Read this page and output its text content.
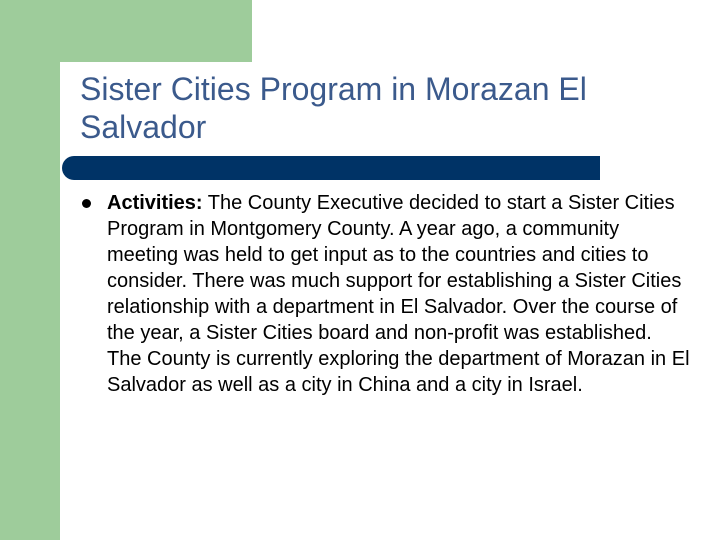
Sister Cities Program in Morazan El Salvador
Activities: The County Executive decided to start a Sister Cities Program in Montgomery County. A year ago, a community meeting was held to get input as to the countries and cities to consider. There was much support for establishing a Sister Cities relationship with a department in El Salvador. Over the course of the year, a Sister Cities board and non-profit was established. The County is currently exploring the department of Morazan in El Salvador as well as a city in China and a city in Israel.
